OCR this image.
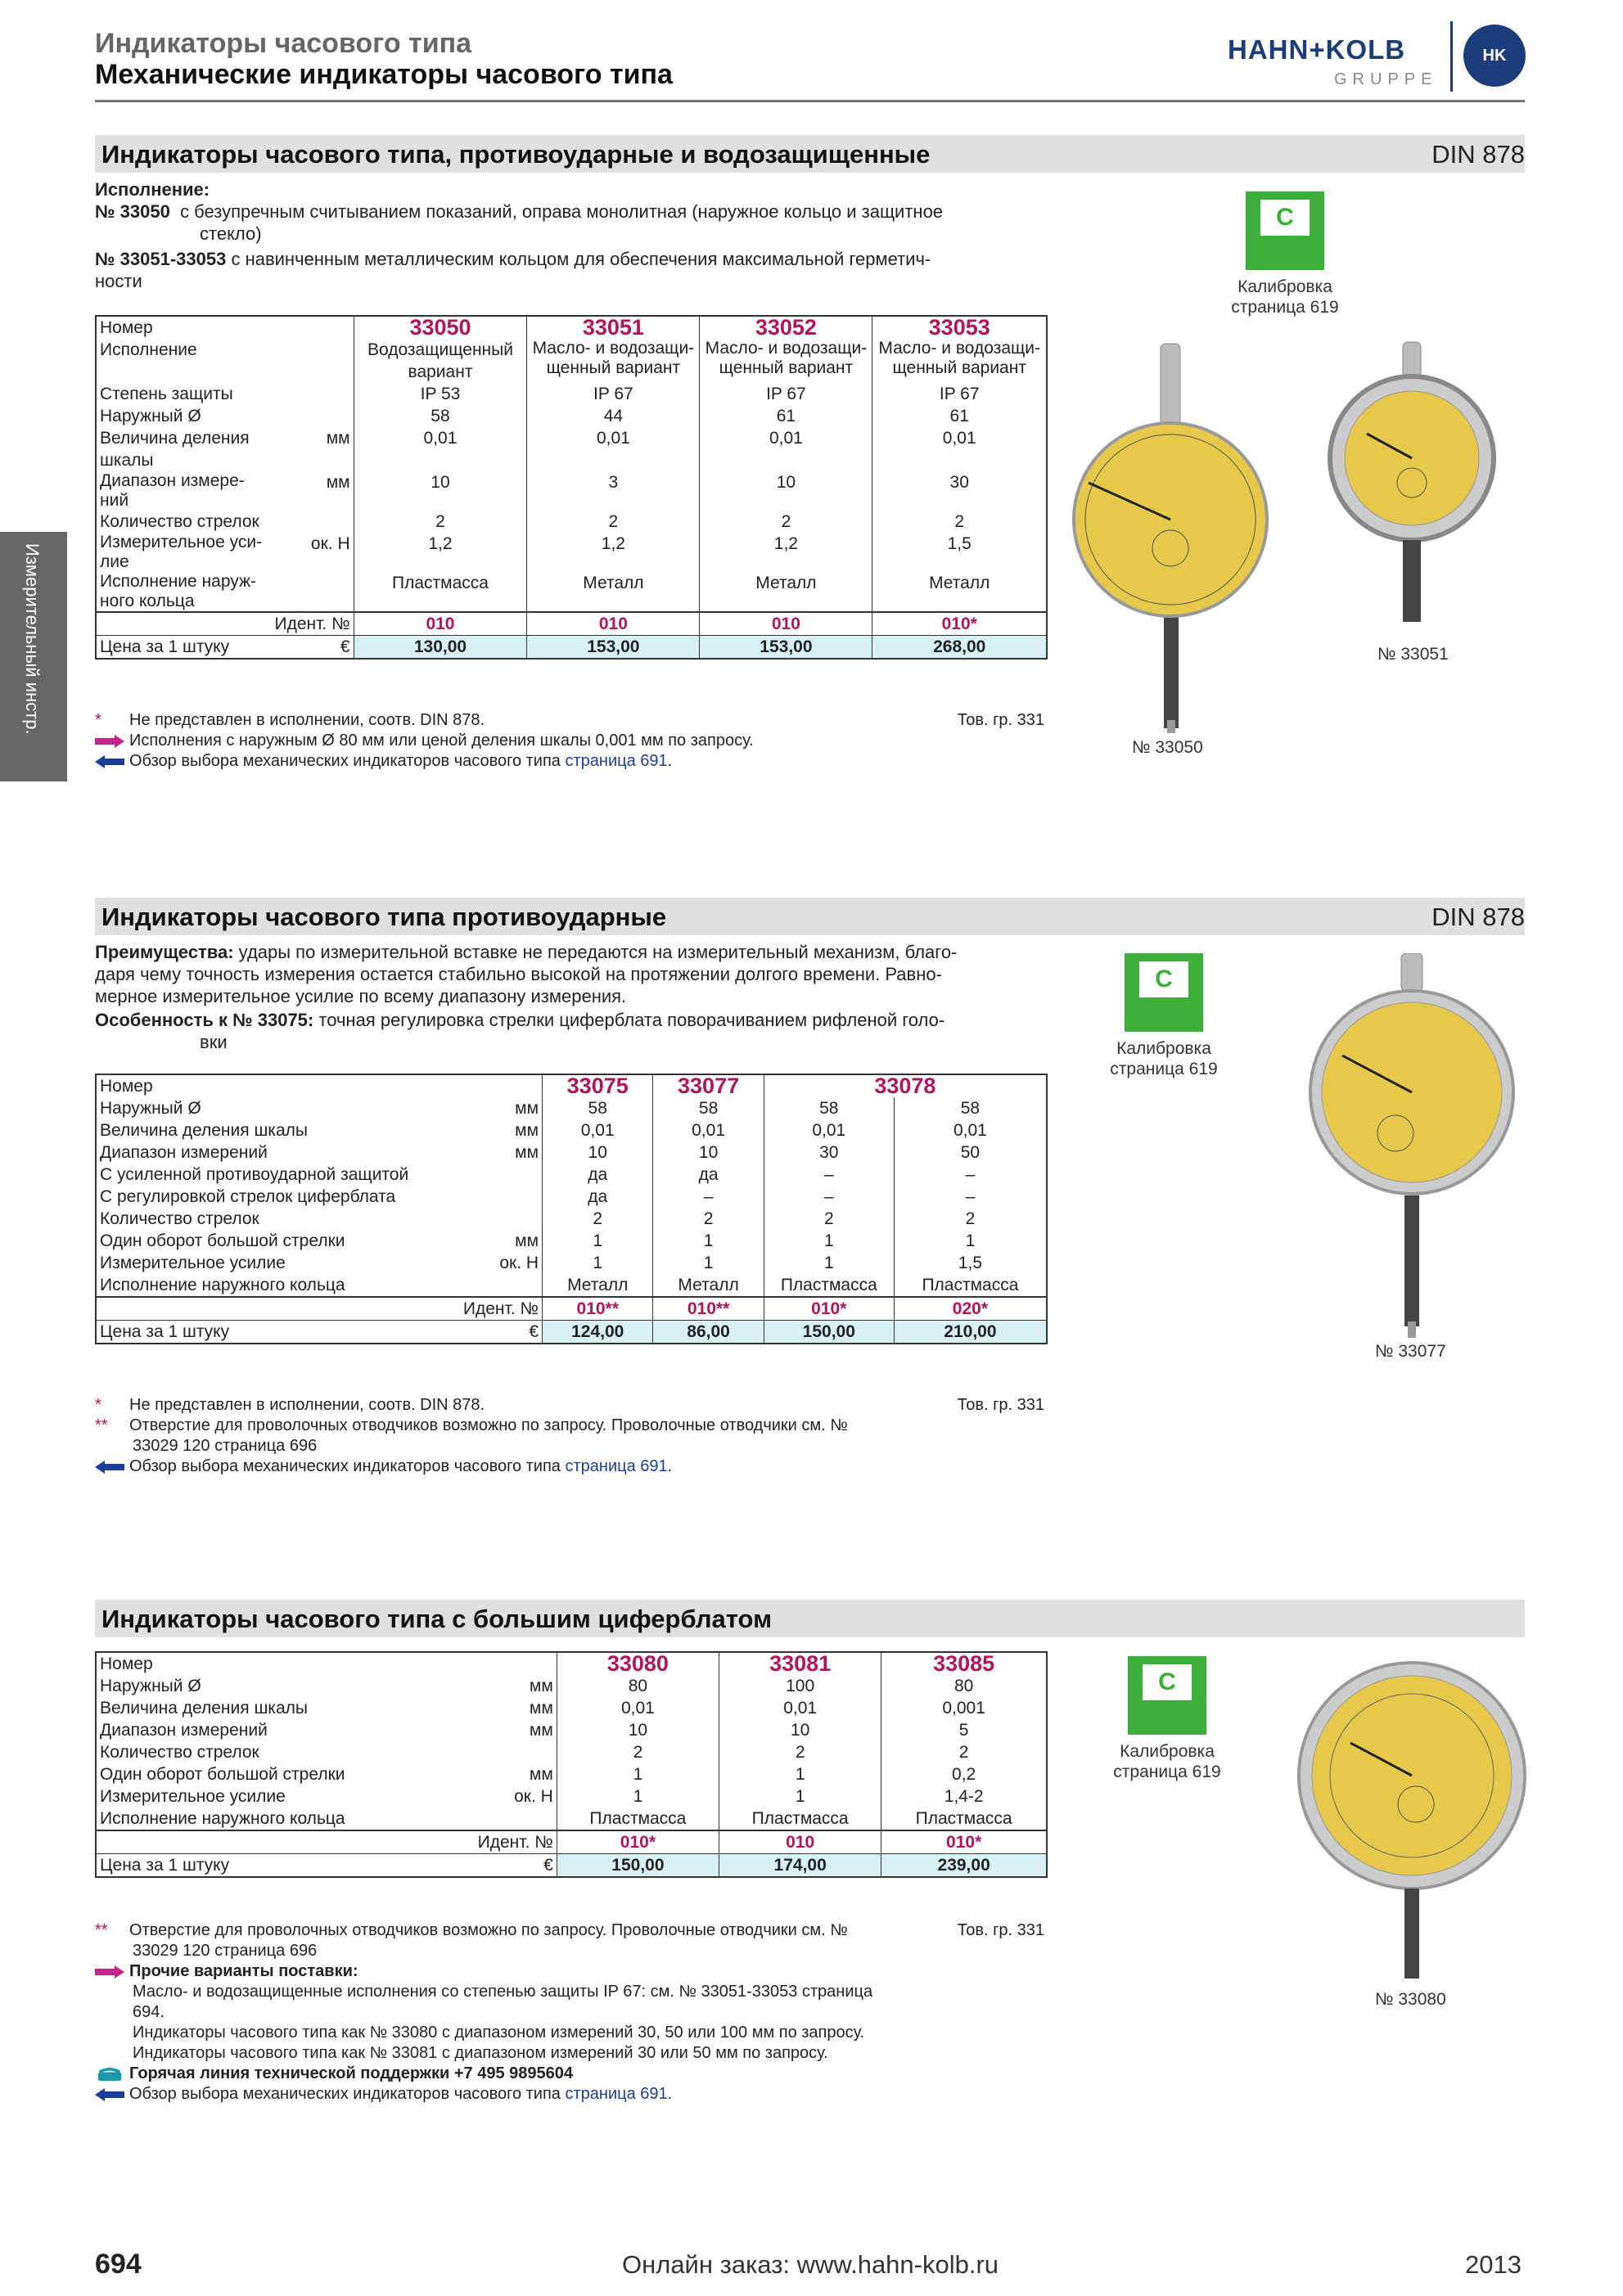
Индикаторы часового типа
Механические индикаторы часового типа
HAHN+KOLB
GRUPPE
HK
Измерительный инстр.
Индикаторы часового типа, противоударные и водозащищенные	DIN 878
Исполнение:
№ 33050 с безупречным считыванием показаний, оправа монолитная (наружное кольцо и защитное
стекло)
№ 33051-33053 с навинченным металлическим кольцом для обеспечения максимальной герметич-
ности
Номер		33050	33051	33052	33053
Исполнение		Водозащищенный вариант	Масло- и водозащи-щенный вариант	Масло- и водозащи-щенный вариант	Масло- и водозащи-щенный вариант
Степень защиты		IP 53	IP 67	IP 67	IP 67
Наружный Ø		58	44	61	61
Величина деления шкалы	мм	0,01	0,01	0,01	0,01
Диапазон измере-ний	мм	10	3	10	30
Количество стрелок		2	2	2	2
Измерительное уси-лие	ок. Н	1,2	1,2	1,2	1,5
Исполнение наруж-ного кольца		Пластмасса	Металл	Металл	Металл
	Идент. №	010	010	010	010*
Цена за 1 штуку	€	130,00	153,00	153,00	268,00
* Не представлен в исполнении, соотв. DIN 878.	Тов. гр. 331
Исполнения с наружным Ø 80 мм или ценой деления шкалы 0,001 мм по запросу.
Обзор выбора механических индикаторов часового типа страница 691.
C
Калибровка
страница 619
№ 33050
№ 33051
Индикаторы часового типа противоударные	DIN 878
Преимущества: удары по измерительной вставке не передаются на измерительный механизм, благо-
даря чему точность измерения остается стабильно высокой на протяжении долгого времени. Равно-
мерное измерительное усилие по всему диапазону измерения.
Особенность к № 33075: точная регулировка стрелки циферблата поворачиванием рифленой голо-
вки
Номер		33075	33077	33078	
Наружный Ø	мм	58	58	58	58
Величина деления шкалы	мм	0,01	0,01	0,01	0,01
Диапазон измерений	мм	10	10	30	50
С усиленной противоударной защитой		да	да	–	–
С регулировкой стрелок циферблата		да	–	–	–
Количество стрелок		2	2	2	2
Один оборот большой стрелки	мм	1	1	1	1
Измерительное усилие	ок. Н	1	1	1	1,5
Исполнение наружного кольца		Металл	Металл	Пластмасса	Пластмасса
	Идент. №	010**	010**	010*	020*
Цена за 1 штуку	€	124,00	86,00	150,00	210,00
* Не представлен в исполнении, соотв. DIN 878.	Тов. гр. 331
** Отверстие для проволочных отводчиков возможно по запросу. Проволочные отводчики см. №
33029 120 страница 696
Обзор выбора механических индикаторов часового типа страница 691.
C
Калибровка
страница 619
№ 33077
Индикаторы часового типа с большим циферблатом
Номер		33080	33081	33085
Наружный Ø	мм	80	100	80
Величина деления шкалы	мм	0,01	0,01	0,001
Диапазон измерений	мм	10	10	5
Количество стрелок		2	2	2
Один оборот большой стрелки	мм	1	1	0,2
Измерительное усилие	ок. Н	1	1	1,4-2
Исполнение наружного кольца		Пластмасса	Пластмасса	Пластмасса
	Идент. №	010*	010	010*
Цена за 1 штуку	€	150,00	174,00	239,00
** Отверстие для проволочных отводчиков возможно по запросу. Проволочные отводчики см. №	Тов. гр. 331
33029 120 страница 696
Прочие варианты поставки:
Масло- и водозащищенные исполнения со степенью защиты IP 67: см. № 33051-33053 страница
694.
Индикаторы часового типа как № 33080 с диапазоном измерений 30, 50 или 100 мм по запросу.
Индикаторы часового типа как № 33081 с диапазоном измерений 30 или 50 мм по запросу.
Горячая линия технической поддержки +7 495 9895604
Обзор выбора механических индикаторов часового типа страница 691.
C
Калибровка
страница 619
№ 33080
694	Онлайн заказ: www.hahn-kolb.ru	2013
